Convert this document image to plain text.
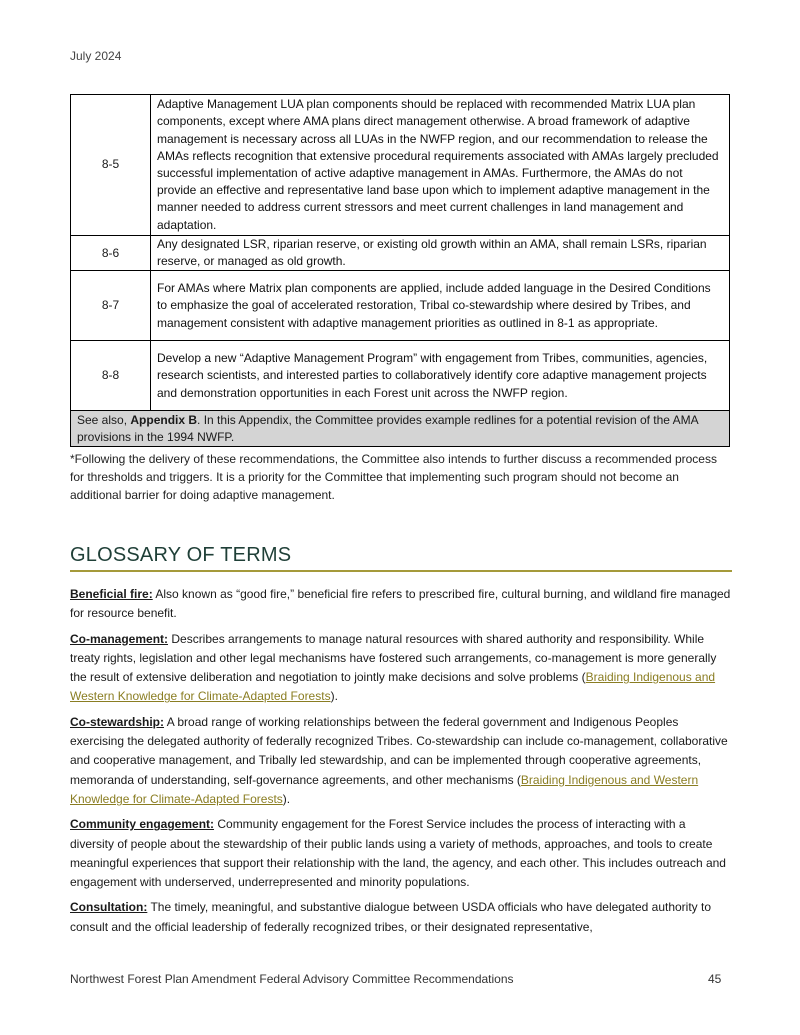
July 2024
8-5	Adaptive Management LUA plan components should be replaced with recommended Matrix LUA plan components, except where AMA plans direct management otherwise. A broad framework of adaptive management is necessary across all LUAs in the NWFP region, and our recommendation to release the AMAs reflects recognition that extensive procedural requirements associated with AMAs largely precluded successful implementation of active adaptive management in AMAs. Furthermore, the AMAs do not provide an effective and representative land base upon which to implement adaptive management in the manner needed to address current stressors and meet current challenges in land management and adaptation.
8-6	Any designated LSR, riparian reserve, or existing old growth within an AMA, shall remain LSRs, riparian reserve, or managed as old growth.
8-7	For AMAs where Matrix plan components are applied, include added language in the Desired Conditions to emphasize the goal of accelerated restoration, Tribal co-stewardship where desired by Tribes, and management consistent with adaptive management priorities as outlined in 8-1 as appropriate.
8-8	Develop a new “Adaptive Management Program” with engagement from Tribes, communities, agencies, research scientists, and interested parties to collaboratively identify core adaptive management projects and demonstration opportunities in each Forest unit across the NWFP region.
See also, Appendix B. In this Appendix, the Committee provides example redlines for a potential revision of the AMA provisions in the 1994 NWFP.	
*Following the delivery of these recommendations, the Committee also intends to further discuss a recommended process for thresholds and triggers. It is a priority for the Committee that implementing such program should not become an additional barrier for doing adaptive management.
GLOSSARY OF TERMS

Beneficial fire: Also known as “good fire,” beneficial fire refers to prescribed fire, cultural burning, and wildland fire managed for resource benefit.

Co-management: Describes arrangements to manage natural resources with shared authority and responsibility. While treaty rights, legislation and other legal mechanisms have fostered such arrangements, co-management is more generally the result of extensive deliberation and negotiation to jointly make decisions and solve problems (Braiding Indigenous and Western Knowledge for Climate-Adapted Forests).

Co-stewardship: A broad range of working relationships between the federal government and Indigenous Peoples exercising the delegated authority of federally recognized Tribes. Co-stewardship can include co-management, collaborative and cooperative management, and Tribally led stewardship, and can be implemented through cooperative agreements, memoranda of understanding, self-governance agreements, and other mechanisms (Braiding Indigenous and Western Knowledge for Climate-Adapted Forests).

Community engagement: Community engagement for the Forest Service includes the process of interacting with a diversity of people about the stewardship of their public lands using a variety of methods, approaches, and tools to create meaningful experiences that support their relationship with the land, the agency, and each other. This includes outreach and engagement with underserved, underrepresented and minority populations.

Consultation: The timely, meaningful, and substantive dialogue between USDA officials who have delegated authority to consult and the official leadership of federally recognized tribes, or their designated representative,

Northwest Forest Plan Amendment Federal Advisory Committee Recommendations	45
